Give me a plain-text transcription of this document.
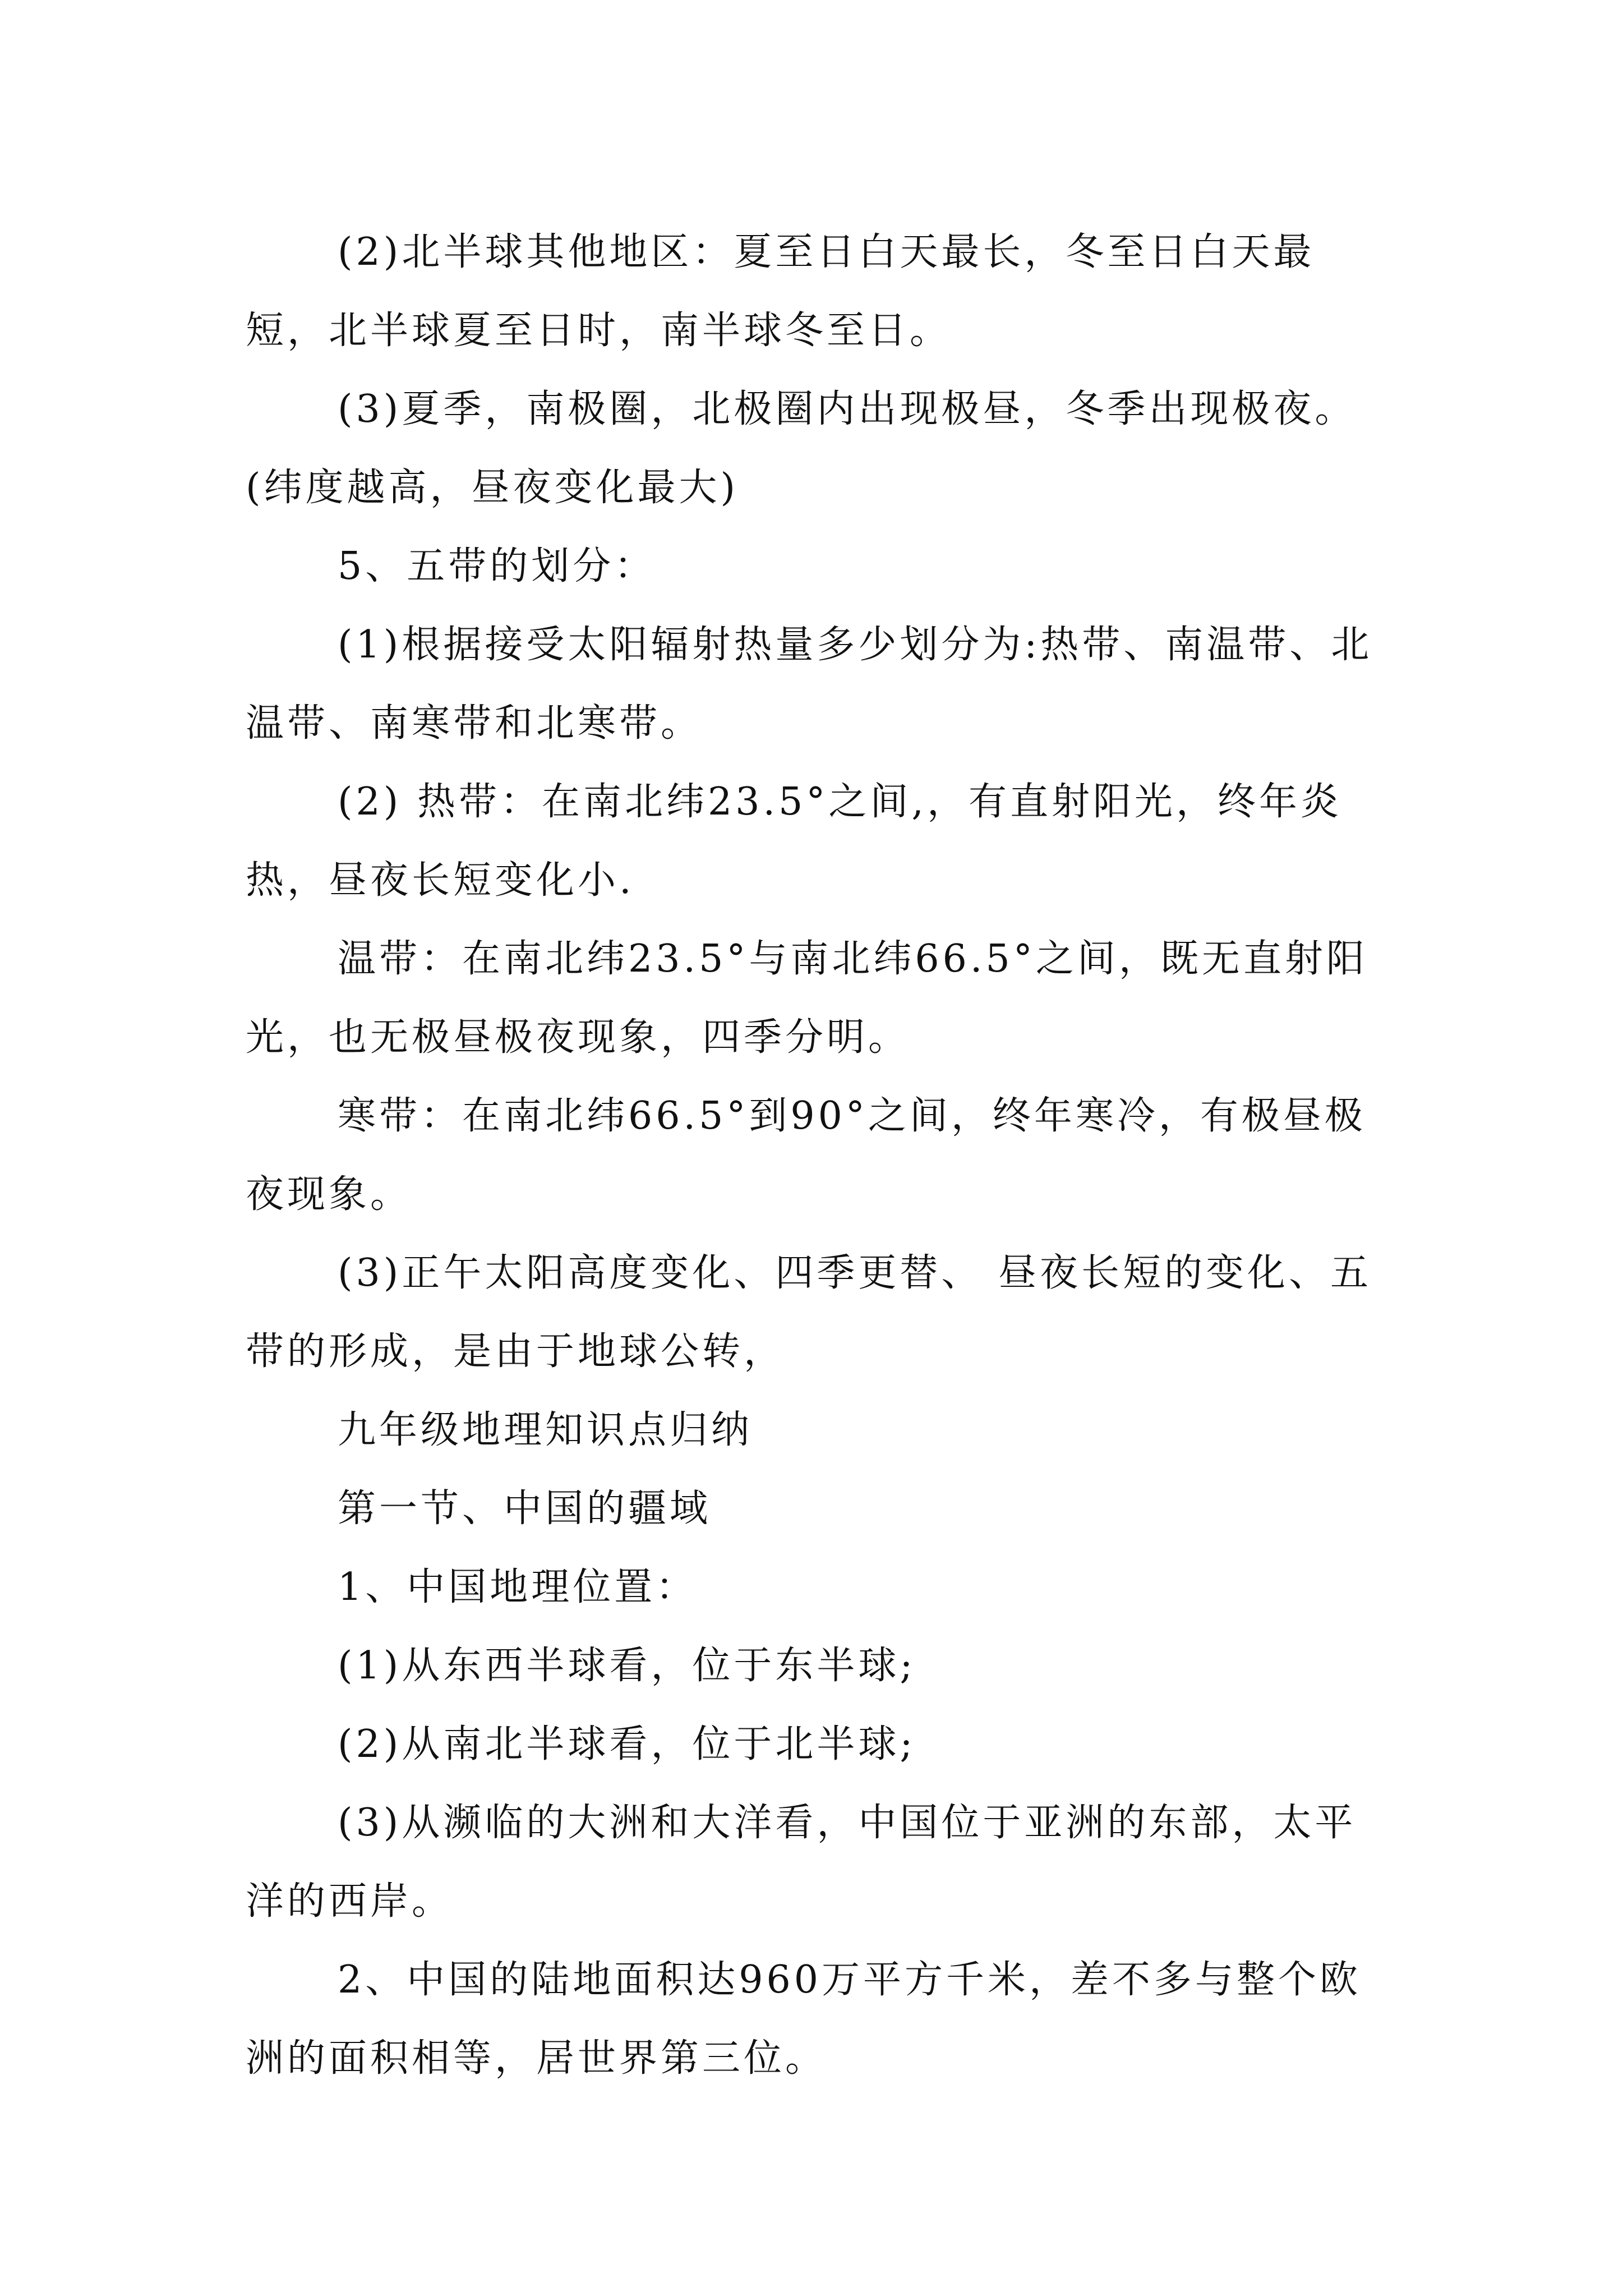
(2)北半球其他地区：夏至日白天最长，冬至日白天最短，北半球夏至日时，南半球冬至日。

(3)夏季，南极圈，北极圈内出现极昼，冬季出现极夜。(纬度越高，昼夜变化最大)

5、五带的划分：

(1)根据接受太阳辐射热量多少划分为:热带、南温带、北温带、南寒带和北寒带。

(2) 热带：在南北纬23.5°之间,，有直射阳光，终年炎热，昼夜长短变化小.

温带：在南北纬23.5°与南北纬66.5°之间，既无直射阳光，也无极昼极夜现象，四季分明。

寒带：在南北纬66.5°到90°之间，终年寒冷，有极昼极夜现象。

(3)正午太阳高度变化、四季更替、 昼夜长短的变化、五带的形成，是由于地球公转，

九年级地理知识点归纳

第一节、中国的疆域

1、中国地理位置：

(1)从东西半球看，位于东半球;

(2)从南北半球看，位于北半球;

(3)从濒临的大洲和大洋看，中国位于亚洲的东部，太平洋的西岸。

2、中国的陆地面积达960万平方千米，差不多与整个欧洲的面积相等，居世界第三位。
